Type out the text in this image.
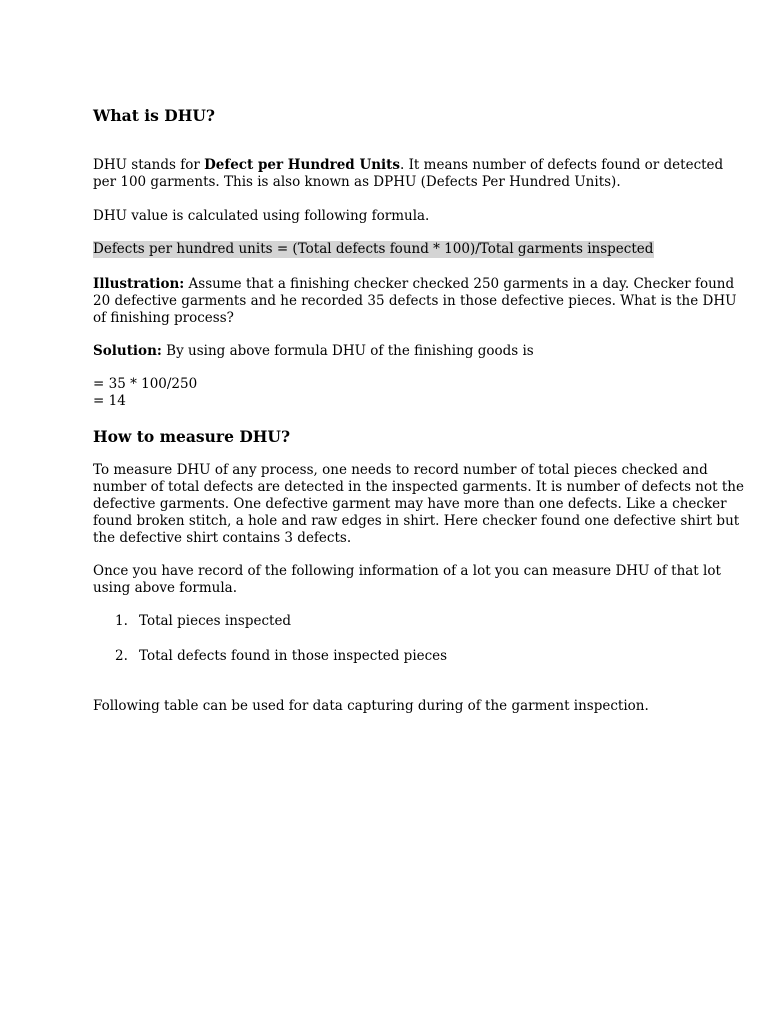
What is DHU?
DHU stands for Defect per Hundred Units. It means number of defects found or detected
per 100 garments. This is also known as DPHU (Defects Per Hundred Units).
DHU value is calculated using following formula.
Defects per hundred units = (Total defects found * 100)/Total garments inspected
Illustration: Assume that a finishing checker checked 250 garments in a day. Checker found
20 defective garments and he recorded 35 defects in those defective pieces. What is the DHU
of finishing process?
Solution: By using above formula DHU of the finishing goods is
= 35 * 100/250
= 14
How to measure DHU?
To measure DHU of any process, one needs to record number of total pieces checked and
number of total defects are detected in the inspected garments. It is number of defects not the
defective garments. One defective garment may have more than one defects. Like a checker
found broken stitch, a hole and raw edges in shirt. Here checker found one defective shirt but
the defective shirt contains 3 defects.
Once you have record of the following information of a lot you can measure DHU of that lot
using above formula.
1. Total pieces inspected
2. Total defects found in those inspected pieces
Following table can be used for data capturing during of the garment inspection.
